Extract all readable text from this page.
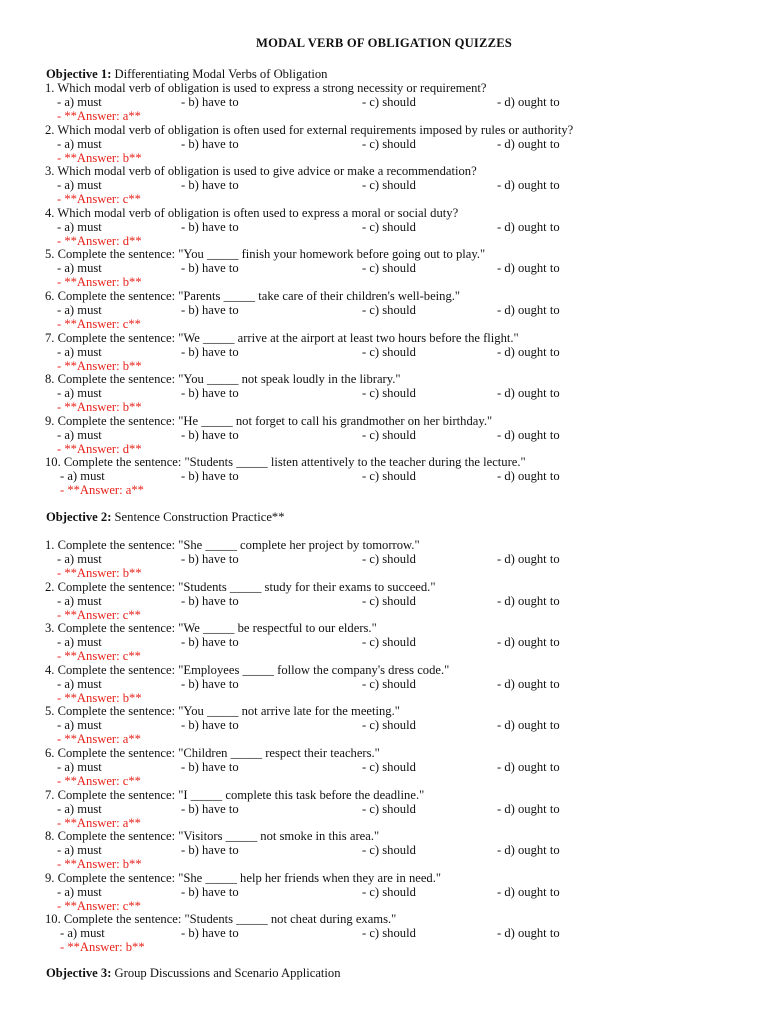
MODAL VERB OF OBLIGATION QUIZZES
Objective 1: Differentiating Modal Verbs of Obligation
1. Which modal verb of obligation is used to express a strong necessity or requirement?
- a) must	- b) have to	- c) should	- d) ought to
- **Answer: a**
2. Which modal verb of obligation is often used for external requirements imposed by rules or authority?
- a) must	- b) have to	- c) should	- d) ought to
- **Answer: b**
3. Which modal verb of obligation is used to give advice or make a recommendation?
- a) must	- b) have to	- c) should	- d) ought to
- **Answer: c**
4. Which modal verb of obligation is often used to express a moral or social duty?
- a) must	- b) have to	- c) should	- d) ought to
- **Answer: d**
5. Complete the sentence: "You _____ finish your homework before going out to play."
- a) must	- b) have to	- c) should	- d) ought to
- **Answer: b**
6. Complete the sentence: "Parents _____ take care of their children's well-being."
- a) must	- b) have to	- c) should	- d) ought to
- **Answer: c**
7. Complete the sentence: "We _____ arrive at the airport at least two hours before the flight."
- a) must	- b) have to	- c) should	- d) ought to
- **Answer: b**
8. Complete the sentence: "You _____ not speak loudly in the library."
- a) must	- b) have to	- c) should	- d) ought to
- **Answer: b**
9. Complete the sentence: "He _____ not forget to call his grandmother on her birthday."
- a) must	- b) have to	- c) should	- d) ought to
- **Answer: d**
10. Complete the sentence: "Students _____ listen attentively to the teacher during the lecture."
- a) must	- b) have to	- c) should	- d) ought to
- **Answer: a**
Objective 2: Sentence Construction Practice**
1. Complete the sentence: "She _____ complete her project by tomorrow."
- a) must	- b) have to	- c) should	- d) ought to
- **Answer: b**
2. Complete the sentence: "Students _____ study for their exams to succeed."
- a) must	- b) have to	- c) should	- d) ought to
- **Answer: c**
3. Complete the sentence: "We _____ be respectful to our elders."
- a) must	- b) have to	- c) should	- d) ought to
- **Answer: c**
4. Complete the sentence: "Employees _____ follow the company's dress code."
- a) must	- b) have to	- c) should	- d) ought to
- **Answer: b**
5. Complete the sentence: "You _____ not arrive late for the meeting."
- a) must	- b) have to	- c) should	- d) ought to
- **Answer: a**
6. Complete the sentence: "Children _____ respect their teachers."
- a) must	- b) have to	- c) should	- d) ought to
- **Answer: c**
7. Complete the sentence: "I _____ complete this task before the deadline."
- a) must	- b) have to	- c) should	- d) ought to
- **Answer: a**
8. Complete the sentence: "Visitors _____ not smoke in this area."
- a) must	- b) have to	- c) should	- d) ought to
- **Answer: b**
9. Complete the sentence: "She _____ help her friends when they are in need."
- a) must	- b) have to	- c) should	- d) ought to
- **Answer: c**
10. Complete the sentence: "Students _____ not cheat during exams."
- a) must	- b) have to	- c) should	- d) ought to
- **Answer: b**
Objective 3: Group Discussions and Scenario Application
